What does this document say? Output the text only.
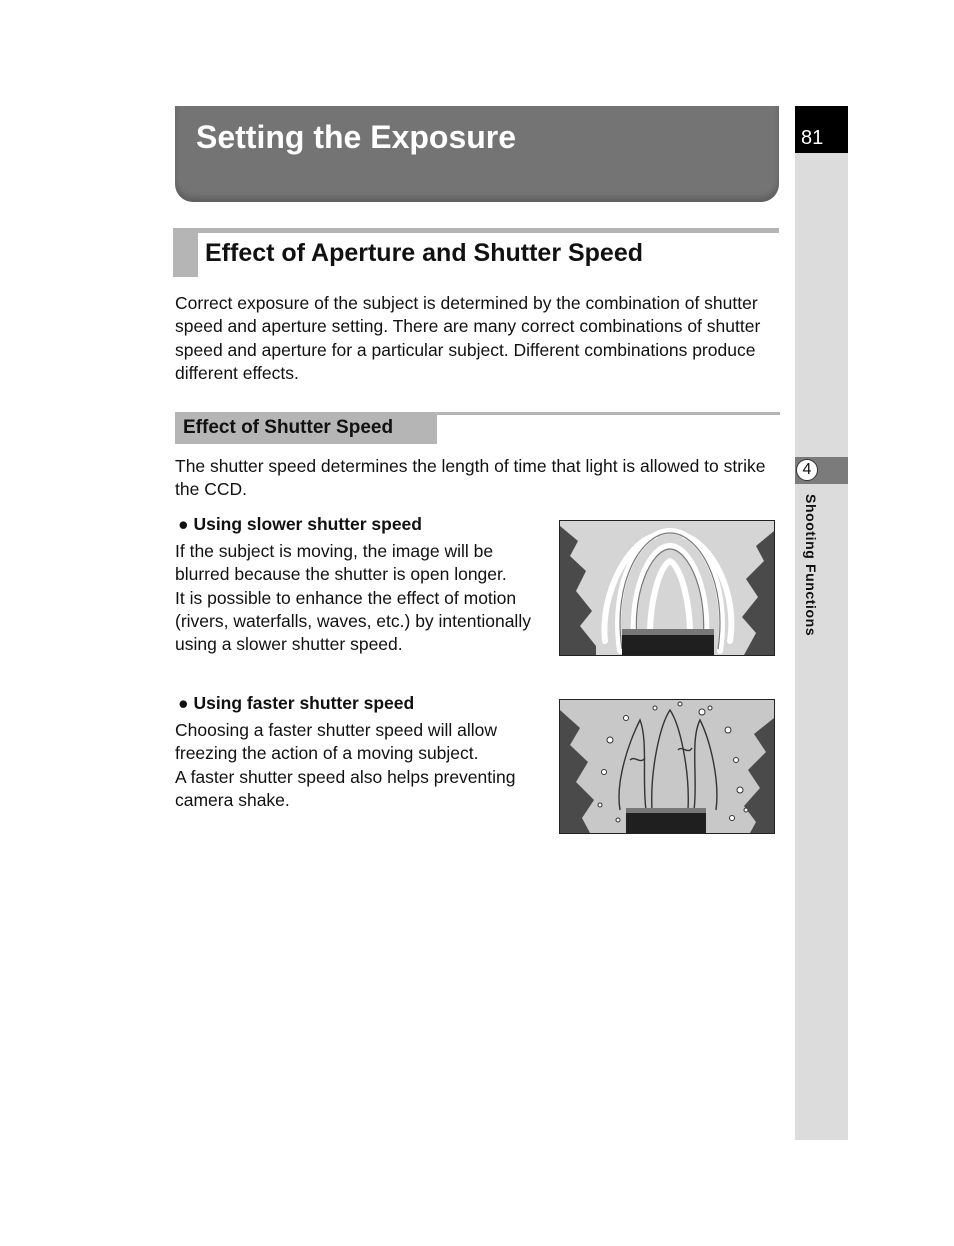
81
4
Shooting Functions
Setting the Exposure
Effect of Aperture and Shutter Speed
Correct exposure of the subject is determined by the combination of shutter speed and aperture setting. There are many correct combinations of shutter speed and aperture for a particular subject. Different combinations produce different effects.
Effect of Shutter Speed
The shutter speed determines the length of time that light is allowed to strike the CCD.
● Using slower shutter speed
If the subject is moving, the image will be blurred because the shutter is open longer.
It is possible to enhance the effect of motion (rivers, waterfalls, waves, etc.) by intentionally using a slower shutter speed.
● Using faster shutter speed
Choosing a faster shutter speed will allow freezing the action of a moving subject.
A faster shutter speed also helps preventing camera shake.
